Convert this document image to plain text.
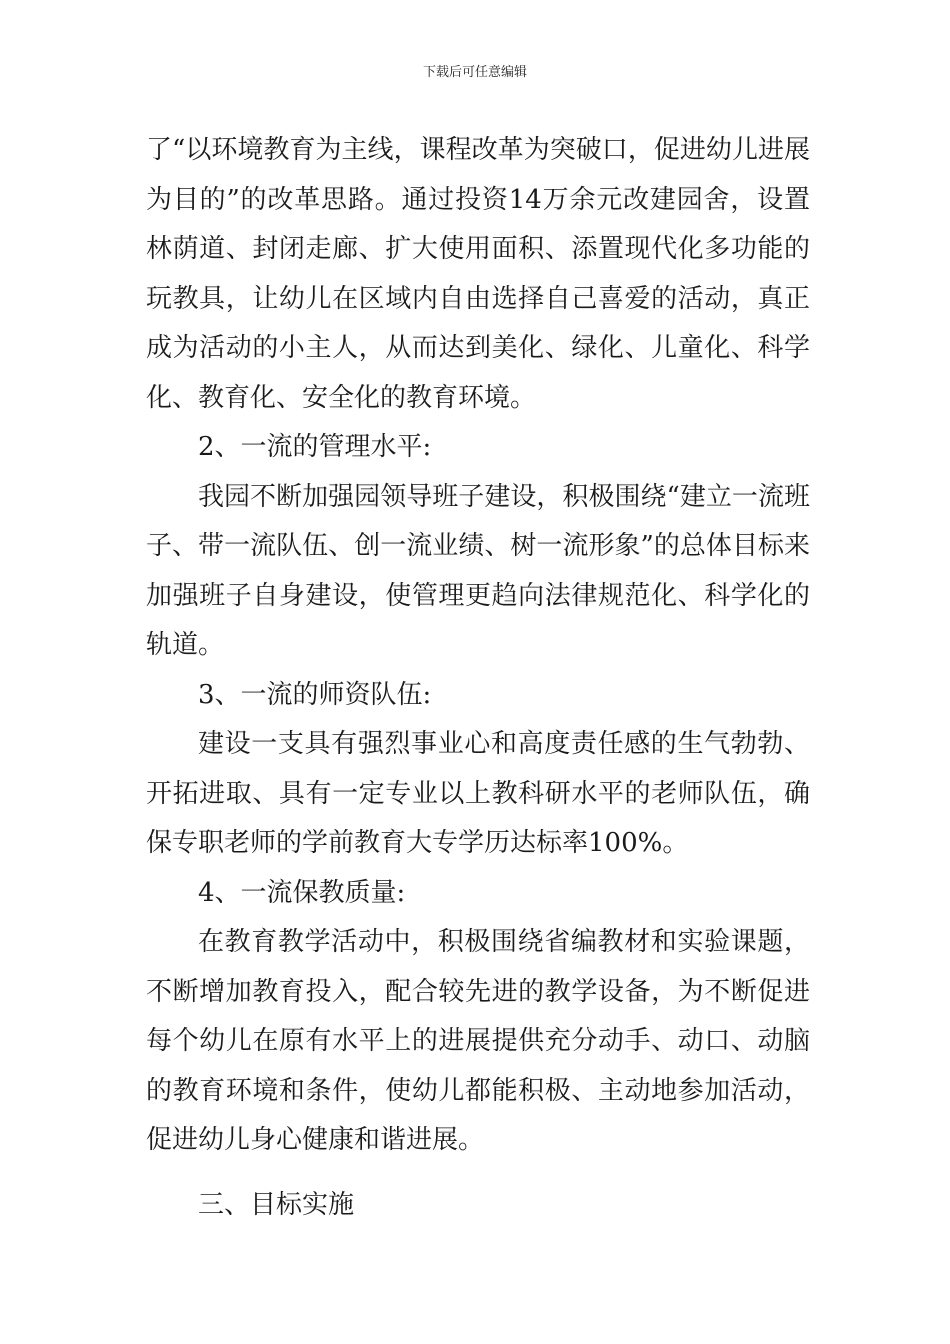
下载后可任意编辑

了“以环境教育为主线，课程改革为突破口，促进幼儿进展为目的”的改革思路。通过投资14万余元改建园舍，设置林荫道、封闭走廊、扩大使用面积、添置现代化多功能的玩教具，让幼儿在区域内自由选择自己喜爱的活动，真正成为活动的小主人，从而达到美化、绿化、儿童化、科学化、教育化、安全化的教育环境。

2、一流的管理水平:

我园不断加强园领导班子建设，积极围绕“建立一流班子、带一流队伍、创一流业绩、树一流形象”的总体目标来加强班子自身建设，使管理更趋向法律规范化、科学化的轨道。

3、一流的师资队伍:

建设一支具有强烈事业心和高度责任感的生气勃勃、开拓进取、具有一定专业以上教科研水平的老师队伍，确保专职老师的学前教育大专学历达标率100%。

4、一流保教质量:

在教育教学活动中，积极围绕省编教材和实验课题，不断增加教育投入，配合较先进的教学设备，为不断促进每个幼儿在原有水平上的进展提供充分动手、动口、动脑的教育环境和条件，使幼儿都能积极、主动地参加活动，促进幼儿身心健康和谐进展。

三、目标实施
